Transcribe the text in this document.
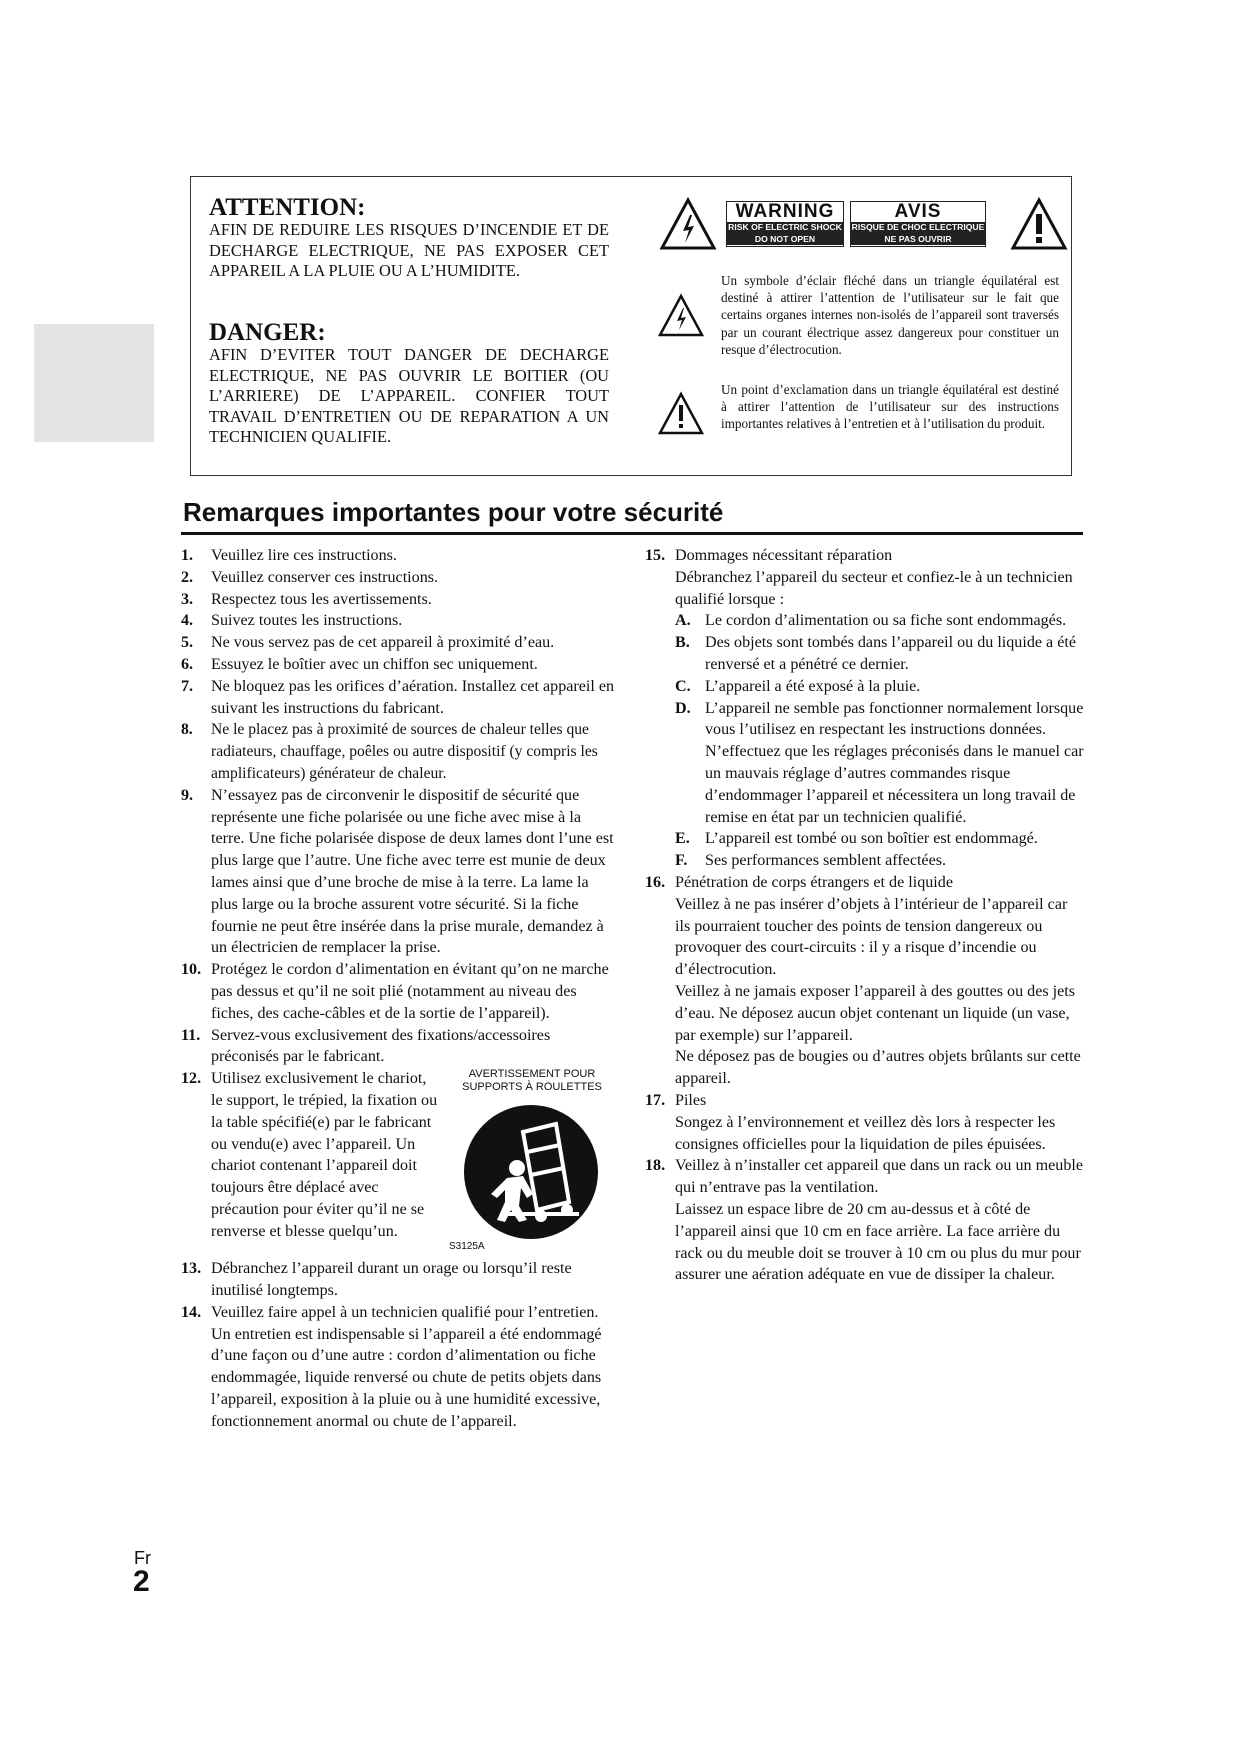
ATTENTION:
AFIN DE REDUIRE LES RISQUES D’INCENDIE ET DE DECHARGE ELECTRIQUE, NE PAS EXPOSER CET APPAREIL A LA PLUIE OU A L’HUMIDITE.
DANGER:
AFIN D’EVITER TOUT DANGER DE DECHARGE ELECTRIQUE, NE PAS OUVRIR LE BOITIER (OU L’ARRIERE) DE L’APPAREIL. CONFIER TOUT TRAVAIL D’ENTRETIEN OU DE REPARATION A UN TECHNICIEN QUALIFIE.
WARNING
RISK OF ELECTRIC SHOCK
DO NOT OPEN
AVIS
RISQUE DE CHOC ELECTRIQUE
NE PAS OUVRIR
Un symbole d’éclair fléché dans un triangle équilatéral est destiné à attirer l’attention de l’utilisateur sur le fait que certains organes internes non-isolés de l’appareil sont traversés par un courant électrique assez dangereux pour constituer un resque d’électrocution.
Un point d’exclamation dans un triangle équilatéral est destiné à attirer l’attention de l’utilisateur sur des instructions importantes relatives à l’entretien et à l’utilisation du produit.
Remarques importantes pour votre sécurité
1.	Veuillez lire ces instructions.
2.	Veuillez conserver ces instructions.
3.	Respectez tous les avertissements.
4.	Suivez toutes les instructions.
5.	Ne vous servez pas de cet appareil à proximité d’eau.
6.	Essuyez le boîtier avec un chiffon sec uniquement.
7.	Ne bloquez pas les orifices d’aération. Installez cet appareil en suivant les instructions du fabricant.
8.	Ne le placez pas à proximité de sources de chaleur telles que radiateurs, chauffage, poêles ou autre dispositif (y compris les amplificateurs) générateur de chaleur.
9.	N’essayez pas de circonvenir le dispositif de sécurité que représente une fiche polarisée ou une fiche avec mise à la terre. Une fiche polarisée dispose de deux lames dont l’une est plus large que l’autre. Une fiche avec terre est munie de deux lames ainsi que d’une broche de mise à la terre. La lame la plus large ou la broche assurent votre sécurité. Si la fiche fournie ne peut être insérée dans la prise murale, demandez à un électricien de remplacer la prise.
10. Protégez le cordon d’alimentation en évitant qu’on ne marche pas dessus et qu’il ne soit plié (notamment au niveau des fiches, des cache-câbles et de la sortie de l’appareil).
11. Servez-vous exclusivement des fixations/accessoires préconisés par le fabricant.
12.	AVERTISSEMENT POUR
SUPPORTS À ROULETTES
S3125A
Utilisez exclusivement le chariot, le support, le trépied, la fixation ou la table spécifié(e) par le fabricant ou vendu(e) avec l’appareil. Un chariot contenant l’appareil doit toujours être déplacé avec précaution pour éviter qu’il ne se renverse et blesse quelqu’un.
13. Débranchez l’appareil durant un orage ou lorsqu’il reste inutilisé longtemps.
14. Veuillez faire appel à un technicien qualifié pour l’entretien. Un entretien est indispensable si l’appareil a été endommagé d’une façon ou d’une autre : cordon d’alimentation ou fiche endommagée, liquide renversé ou chute de petits objets dans l’appareil, exposition à la pluie ou à une humidité excessive, fonctionnement anormal ou chute de l’appareil.
15. Dommages nécessitant réparation
Débranchez l’appareil du secteur et confiez-le à un technicien qualifié lorsque :
A. Le cordon d’alimentation ou sa fiche sont endommagés.
B. Des objets sont tombés dans l’appareil ou du liquide a été renversé et a pénétré ce dernier.
C. L’appareil a été exposé à la pluie.
D. L’appareil ne semble pas fonctionner normalement lorsque vous l’utilisez en respectant les instructions données. N’effectuez que les réglages préconisés dans le manuel car un mauvais réglage d’autres commandes risque d’endommager l’appareil et nécessitera un long travail de remise en état par un technicien qualifié.
E. L’appareil est tombé ou son boîtier est endommagé.
F.	Ses performances semblent affectées.
16. Pénétration de corps étrangers et de liquide
Veillez à ne pas insérer d’objets à l’intérieur de l’appareil car ils pourraient toucher des points de tension dangereux ou provoquer des court-circuits : il y a risque d’incendie ou d’électrocution.
Veillez à ne jamais exposer l’appareil à des gouttes ou des jets d’eau. Ne déposez aucun objet contenant un liquide (un vase, par exemple) sur l’appareil.
Ne déposez pas de bougies ou d’autres objets brûlants sur cette appareil.
17. Piles
Songez à l’environnement et veillez dès lors à respecter les consignes officielles pour la liquidation de piles épuisées.
18. Veillez à n’installer cet appareil que dans un rack ou un meuble qui n’entrave pas la ventilation.
Laissez un espace libre de 20 cm au-dessus et à côté de l’appareil ainsi que 10 cm en face arrière. La face arrière du rack ou du meuble doit se trouver à 10 cm ou plus du mur pour assurer une aération adéquate en vue de dissiper la chaleur.
Fr
2
